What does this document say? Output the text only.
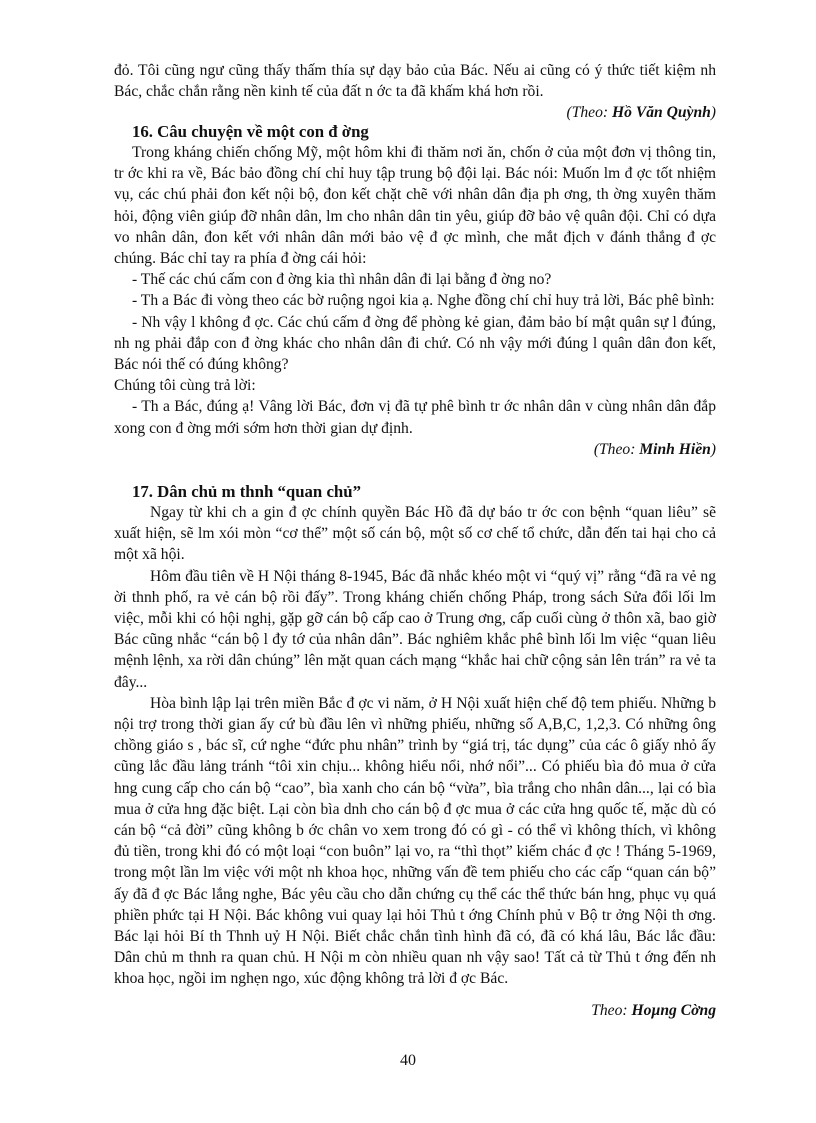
đỏ. Tôi cũng ngư cũng thấy thấm thía sự dạy bảo của Bác. Nếu ai cũng có ý thức tiết kiệm nh Bác, chắc chắn rằng nền kinh tế của đất n ớc ta đã khấm khá hơn rồi.

(Theo: Hồ Văn Quỳnh)

16. Câu chuyện về một con đ ờng

Trong kháng chiến chống Mỹ, một hôm khi đi thăm nơi ăn, chốn ở của một đơn vị thông tin, tr ớc khi ra về, Bác bảo đồng chí chỉ huy tập trung bộ đội lại. Bác nói: Muốn lm đ ợc tốt nhiệm vụ, các chú phải đon kết nội bộ, đon kết chặt chẽ với nhân dân địa ph ơng, th ờng xuyên thăm hỏi, động viên giúp đỡ nhân dân, lm cho nhân dân tin yêu, giúp đỡ bảo vệ quân đội. Chỉ có dựa vo nhân dân, đon kết với nhân dân mới bảo vệ đ ợc mình, che mắt địch v đánh thắng đ ợc chúng. Bác chỉ tay ra phía đ ờng cái hỏi:

- Thế các chú cấm con đ ờng kia thì nhân dân đi lại bằng đ ờng no?

- Th a Bác đi vòng theo các bờ ruộng ngoi kia ạ. Nghe đồng chí chỉ huy trả lời, Bác phê bình:

- Nh vậy l không đ ợc. Các chú cấm đ ờng để phòng kẻ gian, đảm bảo bí mật quân sự l đúng, nh ng phải đắp con đ ờng khác cho nhân dân đi chứ. Có nh vậy mới đúng l quân dân đon kết, Bác nói thế có đúng không?

Chúng tôi cùng trả lời:

- Th a Bác, đúng ạ! Vâng lời Bác, đơn vị đã tự phê bình tr ớc nhân dân v cùng nhân dân đắp xong con đ ờng mới sớm hơn thời gian dự định.

(Theo: Minh Hiền)

17. Dân chủ m thnh “quan chủ”

Ngay từ khi ch a gin đ ợc chính quyền Bác Hồ đã dự báo tr ớc con bệnh “quan liêu” sẽ xuất hiện, sẽ lm xói mòn “cơ thể” một số cán bộ, một số cơ chế tổ chức, dẫn đến tai hại cho cả một xã hội.

Hôm đầu tiên về H Nội tháng 8-1945, Bác đã nhắc khéo một vi “quý vị” rằng “đã ra vẻ ng ời thnh phố, ra vẻ cán bộ rồi đấy”. Trong kháng chiến chống Pháp, trong sách Sửa đổi lối lm việc, mỗi khi có hội nghị, gặp gỡ cán bộ cấp cao ở Trung ơng, cấp cuối cùng ở thôn xã, bao giờ Bác cũng nhắc “cán bộ l đy tớ của nhân dân”. Bác nghiêm khắc phê bình lối lm việc “quan liêu mệnh lệnh, xa rời dân chúng” lên mặt quan cách mạng “khắc hai chữ cộng sản lên trán” ra vẻ ta đây...

Hòa bình lập lại trên miền Bắc đ ợc vi năm, ở H Nội xuất hiện chế độ tem phiếu. Những b nội trợ trong thời gian ấy cứ bù đầu lên vì những phiếu, những số A,B,C, 1,2,3. Có những ông chồng giáo s , bác sĩ, cứ nghe “đức phu nhân” trình by “giá trị, tác dụng” của các ô giấy nhỏ ấy cũng lắc đầu lảng tránh “tôi xin chịu... không hiểu nổi, nhớ nổi”... Có phiếu bìa đỏ mua ở cửa hng cung cấp cho cán bộ “cao”, bìa xanh cho cán bộ “vừa”, bìa trắng cho nhân dân..., lại có bìa mua ở cửa hng đặc biệt. Lại còn bìa dnh cho cán bộ đ ợc mua ở các cửa hng quốc tế, mặc dù có cán bộ “cả đời” cũng không b ớc chân vo xem trong đó có gì - có thể vì không thích, vì không đủ tiền, trong khi đó có một loại “con buôn” lại vo, ra “thì thọt” kiếm chác đ ợc ! Tháng 5-1969, trong một lần lm việc với một nh khoa học, những vấn đề tem phiếu cho các cấp “quan cán bộ” ấy đã đ ợc Bác lắng nghe, Bác yêu cầu cho dẫn chứng cụ thể các thể thức bán hng, phục vụ quá phiền phức tại H Nội. Bác không vui quay lại hỏi Thủ t ớng Chính phủ v Bộ tr ởng Nội th ơng. Bác lại hỏi Bí th Thnh uỷ H Nội. Biết chắc chắn tình hình đã có, đã có khá lâu, Bác lắc đầu: Dân chủ m thnh ra quan chủ. H Nội m còn nhiều quan nh vậy sao! Tất cả từ Thủ t ớng đến nh khoa học, ngồi im nghẹn ngo, xúc động không trả lời đ ợc Bác.

Theo: Hoµng Cờng

40
